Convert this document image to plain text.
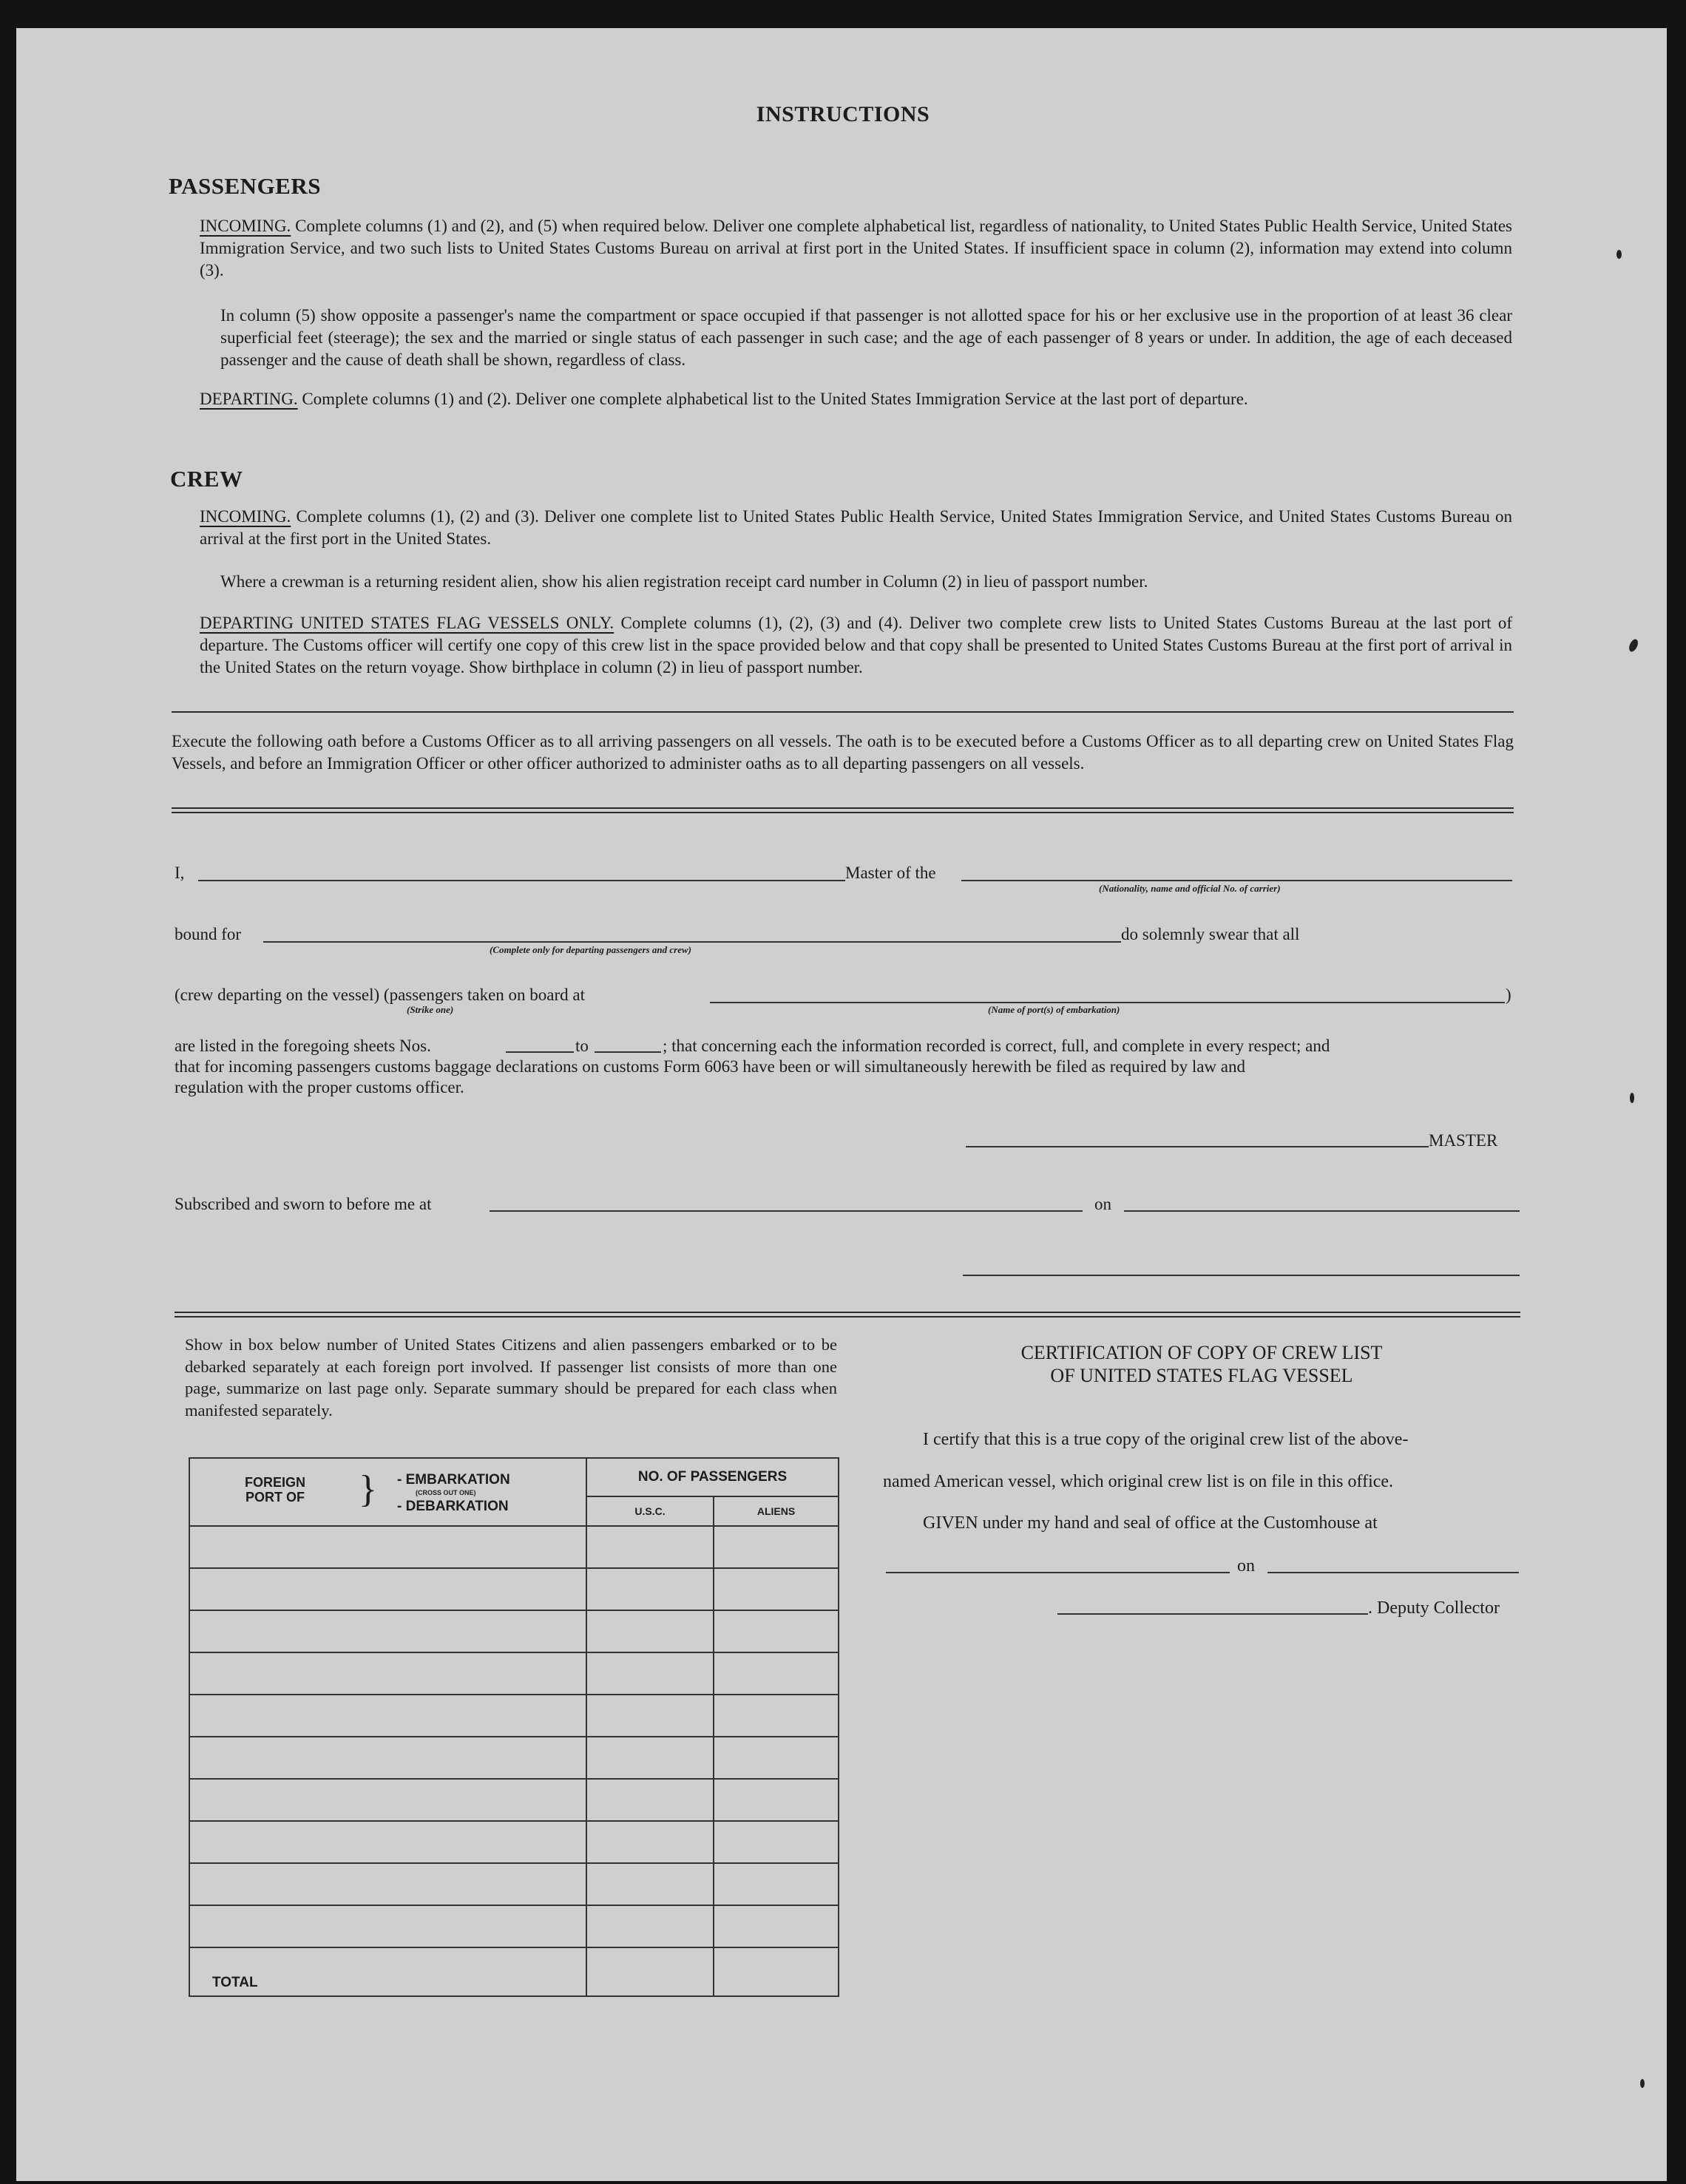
INSTRUCTIONS
PASSENGERS
INCOMING. Complete columns (1) and (2), and (5) when required below. Deliver one complete alphabetical list, regardless of nationality, to United States Public Health Service, United States Immigration Service, and two such lists to United States Customs Bureau on arrival at first port in the United States. If insufficient space in column (2), information may extend into column (3).
In column (5) show opposite a passenger's name the compartment or space occupied if that passenger is not allotted space for his or her exclusive use in the proportion of at least 36 clear superficial feet (steerage); the sex and the married or single status of each passenger in such case; and the age of each passenger of 8 years or under. In addition, the age of each deceased passenger and the cause of death shall be shown, regardless of class.
DEPARTING. Complete columns (1) and (2). Deliver one complete alphabetical list to the United States Immigration Service at the last port of departure.
CREW
INCOMING. Complete columns (1), (2) and (3). Deliver one complete list to United States Public Health Service, United States Immigration Service, and United States Customs Bureau on arrival at the first port in the United States.
Where a crewman is a returning resident alien, show his alien registration receipt card number in Column (2) in lieu of passport number.
DEPARTING UNITED STATES FLAG VESSELS ONLY. Complete columns (1), (2), (3) and (4). Deliver two complete crew lists to United States Customs Bureau at the last port of departure. The Customs officer will certify one copy of this crew list in the space provided below and that copy shall be presented to United States Customs Bureau at the first port of arrival in the United States on the return voyage. Show birthplace in column (2) in lieu of passport number.
Execute the following oath before a Customs Officer as to all arriving passengers on all vessels. The oath is to be executed before a Customs Officer as to all departing crew on United States Flag Vessels, and before an Immigration Officer or other officer authorized to administer oaths as to all departing passengers on all vessels.
I,	Master of the
(Nationality, name and official No. of carrier)
bound for
(Complete only for departing passengers and crew)
do solemnly swear that all
(crew departing on the vessel) (passengers taken on board at	)
(Strike one)	(Name of port(s) of embarkation)
are listed in the foregoing sheets Nos.	to	; that concerning each the information recorded is correct, full, and complete in every respect; and
that for incoming passengers customs baggage declarations on customs Form 6063 have been or will simultaneously herewith be filed as required by law and
regulation with the proper customs officer.
MASTER
Subscribed and sworn to before me at	on
Show in box below number of United States Citizens and alien passengers embarked or to be debarked separately at each foreign port involved. If passenger list consists of more than one page, summarize on last page only. Separate summary should be prepared for each class when manifested separately.
FOREIGN PORT OF } - EMBARKATION
(CROSS OUT ONE)
- DEBARKATION	NO. OF PASSENGERS	
	U.S.C.	ALIENS

TOTAL		
CERTIFICATION OF COPY OF CREW LIST
OF UNITED STATES FLAG VESSEL
I certify that this is a true copy of the original crew list of the above-
named American vessel, which original crew list is on file in this office.
GIVEN under my hand and seal of office at the Customhouse at
on
. Deputy Collector
